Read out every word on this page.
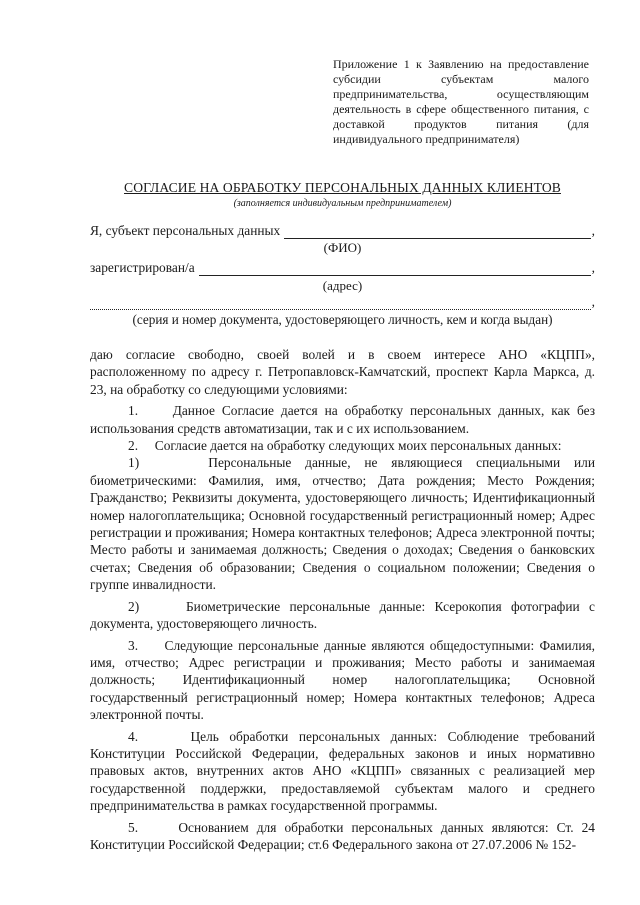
Приложение 1 к Заявлению на предоставление субсидии субъектам малого предпринимательства, осуществляющим деятельность в сфере общественного питания, с доставкой продуктов питания (для индивидуального предпринимателя)
СОГЛАСИЕ НА ОБРАБОТКУ ПЕРСОНАЛЬНЫХ ДАННЫХ КЛИЕНТОВ
(заполняется индивидуальным предпринимателем)
Я, субъект персональных данных	,
(ФИО)
зарегистрирован/а	,
(адрес)
,
(серия и номер документа, удостоверяющего личность, кем и когда выдан)

даю согласие свободно, своей волей и в своем интересе АНО «КЦПП», расположенному по адресу г. Петропавловск-Камчатский, проспект Карла Маркса, д. 23, на обработку со следующими условиями:

1.     Данное Согласие дается на обработку персональных данных, как без использования средств автоматизации, так и с их использованием.

2.     Согласие дается на обработку следующих моих персональных данных:

1)     Персональные данные, не являющиеся специальными или биометрическими: Фамилия, имя, отчество; Дата рождения; Место Рождения; Гражданство; Реквизиты документа, удостоверяющего личность; Идентификационный номер налогоплательщика; Основной государственный регистрационный номер; Адрес регистрации и проживания; Номера контактных телефонов; Адреса электронной почты; Место работы и занимаемая должность; Сведения о доходах; Сведения о банковских счетах; Сведения об образовании; Сведения о социальном положении; Сведения о группе инвалидности.

2)     Биометрические персональные данные: Ксерокопия фотографии с документа, удостоверяющего личность.

3.     Следующие персональные данные являются общедоступными: Фамилия, имя, отчество; Адрес регистрации и проживания; Место работы и занимаемая должность; Идентификационный номер налогоплательщика; Основной государственный регистрационный номер; Номера контактных телефонов; Адреса электронной почты.

4.     Цель обработки персональных данных: Соблюдение требований Конституции Российской Федерации, федеральных законов и иных нормативно правовых актов, внутренних актов АНО «КЦПП» связанных с реализацией мер государственной поддержки, предоставляемой субъектам малого и среднего предпринимательства в рамках государственной программы.

5.     Основанием для обработки персональных данных являются: Ст. 24 Конституции Российской Федерации; ст.6 Федерального закона от 27.07.2006 № 152-
